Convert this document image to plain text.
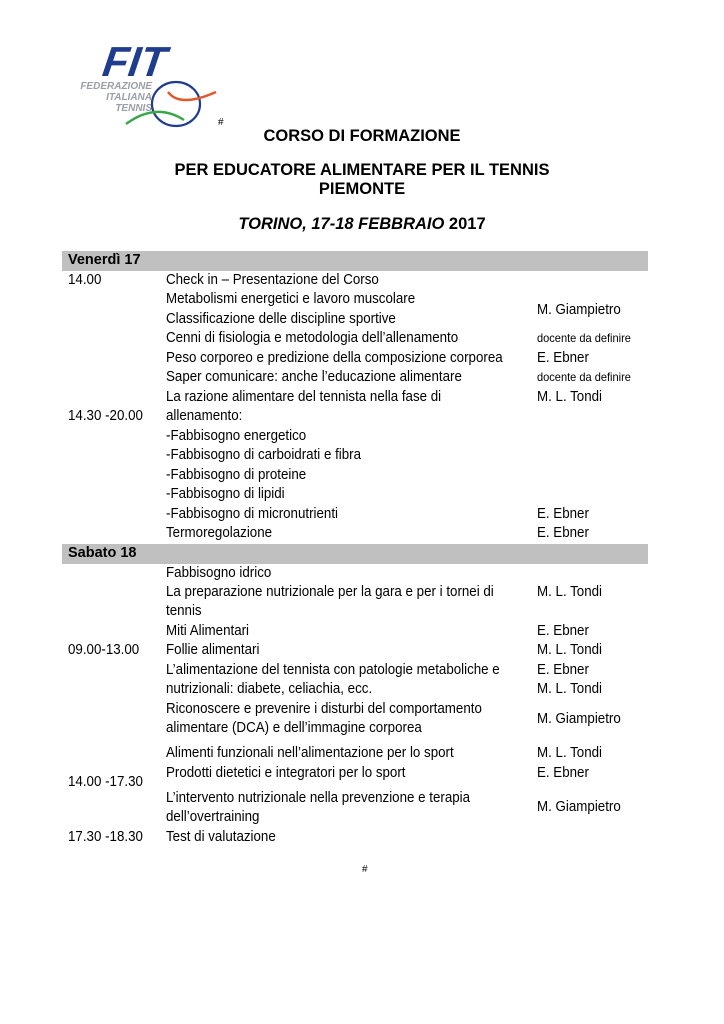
FIT
FEDERAZIONE
ITALIANA
TENNIS
#
CORSO DI FORMAZIONE
PER EDUCATORE ALIMENTARE PER IL TENNIS
PIEMONTE
TORINO, 17-18 FEBBRAIO 2017
Venerdì 17
14.00
14.30 -20.00
Check in – Presentazione del Corso
Metabolismi energetici e lavoro muscolare
Classificazione delle discipline sportive
Cenni di fisiologia e metodologia dell’allenamento
Peso corporeo e predizione della composizione corporea
Saper comunicare: anche l’educazione alimentare
La razione alimentare del tennista nella fase di
allenamento:
-Fabbisogno energetico
-Fabbisogno di carboidrati e fibra
-Fabbisogno di proteine
-Fabbisogno di lipidi
-Fabbisogno di micronutrienti
Termoregolazione
M. Giampietro
docente da definire
E. Ebner
docente da definire
M. L. Tondi
E. Ebner
E. Ebner
Sabato 18
09.00-13.00
14.00 -17.30
17.30 -18.30
Fabbisogno idrico
La preparazione nutrizionale per la gara e per i tornei di
tennis
Miti Alimentari
Follie alimentari
L’alimentazione del tennista con patologie metaboliche e
nutrizionali: diabete, celiachia, ecc.
Riconoscere e prevenire i disturbi del comportamento
alimentare (DCA) e dell’immagine corporea
Alimenti funzionali nell’alimentazione per lo sport
Prodotti dietetici e integratori per lo sport
L’intervento nutrizionale nella prevenzione e terapia
dell’overtraining
Test di valutazione
M. L. Tondi
E. Ebner
M. L. Tondi
E. Ebner
M. L. Tondi
M. Giampietro
M. L. Tondi
E. Ebner
M. Giampietro
#
